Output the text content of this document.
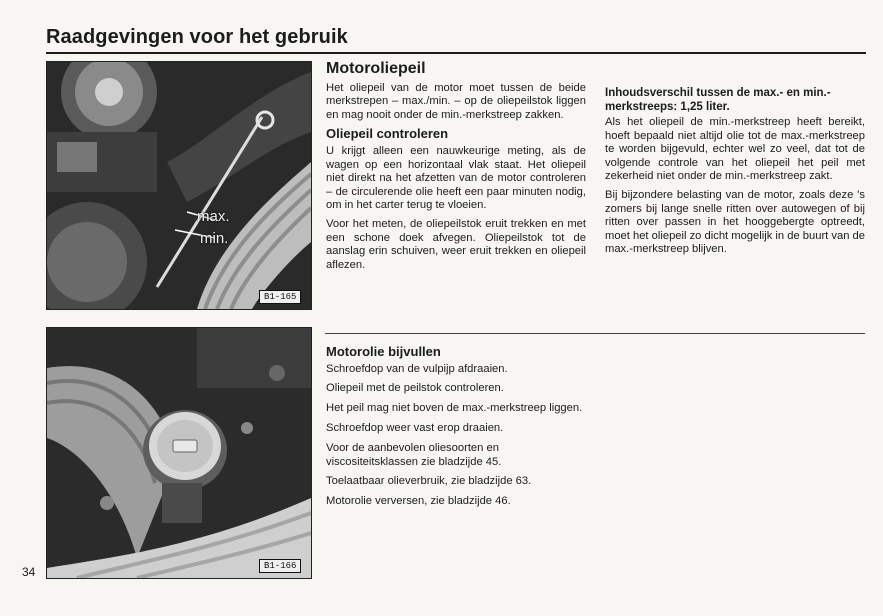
Raadgevingen voor het gebruik
max.
min.
B1-165
B1-166
Motoroliepeil

Het oliepeil van de motor moet tussen de beide merkstrepen – max./min. – op de oliepeilstok liggen en mag nooit onder de min.-merkstreep zakken.

Oliepeil controleren

U krijgt alleen een nauwkeurige meting, als de wagen op een horizontaal vlak staat. Het oliepeil niet direkt na het afzetten van de motor controleren – de circulerende olie heeft een paar minuten nodig, om in het carter terug te vloeien.

Voor het meten, de oliepeilstok eruit trekken en met een schone doek afvegen. Oliepeilstok tot de aanslag erin schuiven, weer eruit trekken en oliepeil aflezen.

Inhoudsverschil tussen de max.- en min.-merkstreeps: 1,25 liter.

Als het oliepeil de min.-merkstreep heeft bereikt, hoeft bepaald niet altijd olie tot de max.-merkstreep te worden bijgevuld, echter wel zo veel, dat tot de volgende controle van het oliepeil het peil met zekerheid niet onder de min.-merkstreep zakt.

Bij bijzondere belasting van de motor, zoals deze 's zomers bij lange snelle ritten over autowegen of bij ritten over passen in het hooggebergte optreedt, moet het oliepeil zo dicht mogelijk in de buurt van de max.-merkstreep blijven.

Motorolie bijvullen

Schroefdop van de vulpijp afdraaien.

Oliepeil met de peilstok controleren.

Het peil mag niet boven de max.-merkstreep liggen.

Schroefdop weer vast erop draaien.

Voor de aanbevolen oliesoorten en viscositeitsklassen zie bladzijde 45.

Toelaatbaar olieverbruik, zie bladzijde 63.

Motorolie verversen, zie bladzijde 46.

34
